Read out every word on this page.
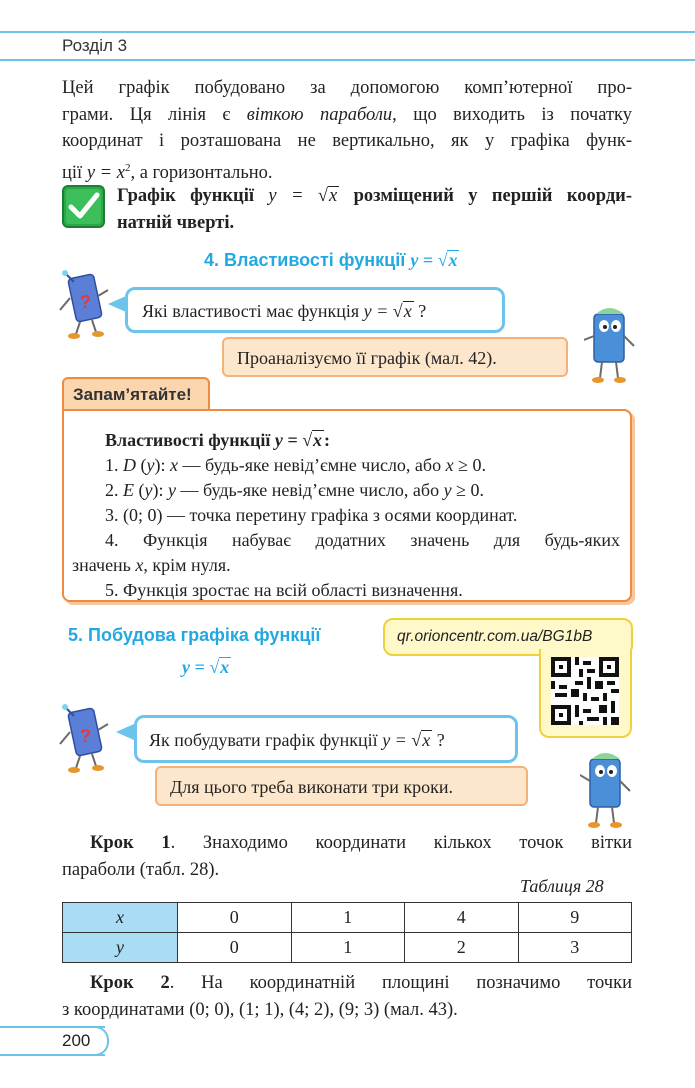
Розділ 3
Цей графік побудовано за допомогою комп’ютерної про-
грами. Ця лінія є віткою параболи, що виходить із початку
координат і розташована не вертикально, як у графіка функ-
ції $y = x^2$, а горизонтально.
Графік функції y = √x розміщений у першій коорди-
натній чверті.
4. Властивості функції y = √x
?	Які властивості має функція y = √x ?
Проаналізуємо її графік (мал. 42).
Запам’ятайте!
Властивості функції y = √x :
1. D (y): x — будь-яке невід’ємне число, або x ≥ 0.
2. E (y): y — будь-яке невід’ємне число, або y ≥ 0.
3. (0; 0) — точка перетину графіка з осями координат.
4. Функція набуває додатних значень для будь-яких
значень x, крім нуля.
5. Функція зростає на всій області визначення.
5. Побудова графіка функції
y = √x
qr.orioncentr.com.ua/BG1bB
?	Як побудувати графік функції y = √x ?
Для цього треба виконати три кроки.
Крок 1. Знаходимо координати кількох точок вітки
параболи (табл. 28).
Таблиця 28
x	0	1	4	9
y	0	1	2	3
Крок 2. На координатній площині позначимо точки
з координатами (0; 0), (1; 1), (4; 2), (9; 3) (мал. 43).
200
